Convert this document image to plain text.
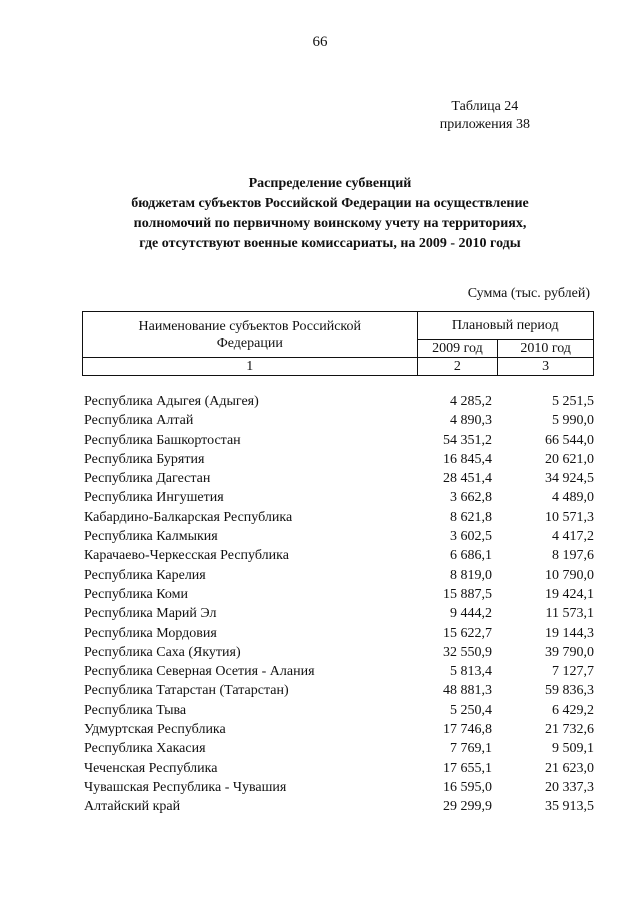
66
Таблица 24
приложения 38
Распределение субвенций
бюджетам субъектов Российской Федерации на осуществление
полномочий по первичному воинскому учету на территориях,
где отсутствуют военные комиссариаты, на 2009 - 2010 годы
Сумма (тыс. рублей)
Наименование субъектов Российской Федерации	Плановый период	
	2009 год	2010 год
1	2	3
Республика Адыгея (Адыгея)	4 285,2	5 251,5
Республика Алтай	4 890,3	5 990,0
Республика Башкортостан	54 351,2	66 544,0
Республика Бурятия	16 845,4	20 621,0
Республика Дагестан	28 451,4	34 924,5
Республика Ингушетия	3 662,8	4 489,0
Кабардино-Балкарская Республика	8 621,8	10 571,3
Республика Калмыкия	3 602,5	4 417,2
Карачаево-Черкесская Республика	6 686,1	8 197,6
Республика Карелия	8 819,0	10 790,0
Республика Коми	15 887,5	19 424,1
Республика Марий Эл	9 444,2	11 573,1
Республика Мордовия	15 622,7	19 144,3
Республика Саха (Якутия)	32 550,9	39 790,0
Республика Северная Осетия - Алания	5 813,4	7 127,7
Республика Татарстан (Татарстан)	48 881,3	59 836,3
Республика Тыва	5 250,4	6 429,2
Удмуртская Республика	17 746,8	21 732,6
Республика Хакасия	7 769,1	9 509,1
Чеченская Республика	17 655,1	21 623,0
Чувашская Республика - Чувашия	16 595,0	20 337,3
Алтайский край	29 299,9	35 913,5
